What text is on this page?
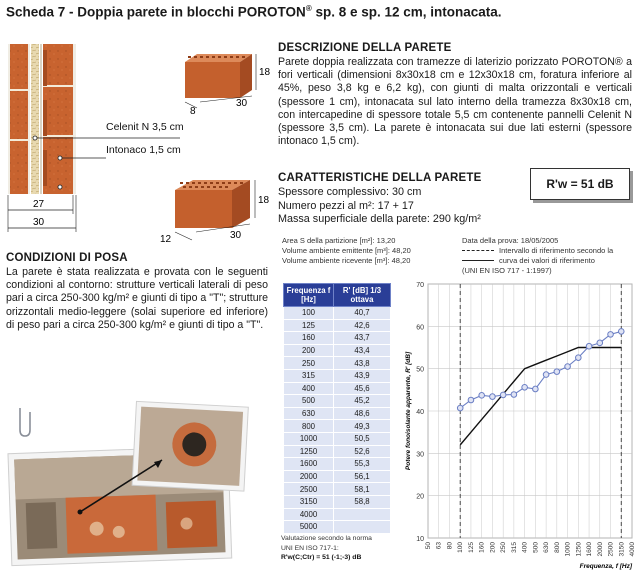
Scheda 7 - Doppia parete in blocchi POROTON® sp. 8 e sp. 12 cm, intonacata.
Celenit N 3,5 cm
Intonaco 1,5 cm
27
30
18
8
30
18
12	30
DESCRIZIONE DELLA PARETE
Parete doppia realizzata con tramezze di laterizio porizzato POROTON® a fori verticali (dimensioni 8x30x18 cm e 12x30x18 cm, foratura inferiore al 45%, peso 3,8 kg e 6,2 kg), con giunti di malta orizzontali e verticali (spessore 1 cm), intonacata sul lato interno della tramezza 8x30x18 cm, con intercapedine di spessore totale 5,5 cm contenente pannelli Celenit N (spessore 3,5 cm). La parete è intonacata sui due lati esterni (spessore intonaco 1,5 cm).
CARATTERISTICHE DELLA PARETE

Spessore complessivo: 30 cm

Numero pezzi al m²: 17 + 17

Massa superficiale della parete: 290 kg/m²

R'w = 51 dB
Area S della partizione [m²]: 13,20
Volume ambiente emittente [m³]: 48,20
Volume ambiente ricevente [m³]: 48,20
Data della prova: 18/05/2005
Intervallo di riferimento secondo la
curva dei valori di riferimento
(UNI EN ISO 717 - 1:1997)
CONDIZIONI DI POSA
La parete è stata realizzata e provata con le seguenti condizioni al contorno: strutture verticali laterali di peso pari a circa 250-300 kg/m² e giunti di tipo a "T"; strutture orizzontali medio-leggere (solai superiore ed inferiore) di peso pari a circa 250-300 kg/m² e giunti di tipo a "T".
Frequenza f [Hz]	R' [dB] 1/3 ottava
100	40,7
125	42,6
160	43,7
200	43,4
250	43,8
315	43,9
400	45,6
500	45,2
630	48,6
800	49,3
1000	50,5
1250	52,6
1600	55,3
2000	56,1
2500	58,1
3150	58,8
4000	
5000	
Valutazione secondo la norma
UNI EN ISO 717-1:
R'w(C;Ctr) = 51 (-1;-3) dB
10
20
30
40
50
60
70
50 63 80 100 125 160 200 250 315 400 500 630 800 1000 1250 1600 2000 2500 3150 4000
Potere fonoisolante apparente, R' [dB]
Frequenza, f [Hz]
